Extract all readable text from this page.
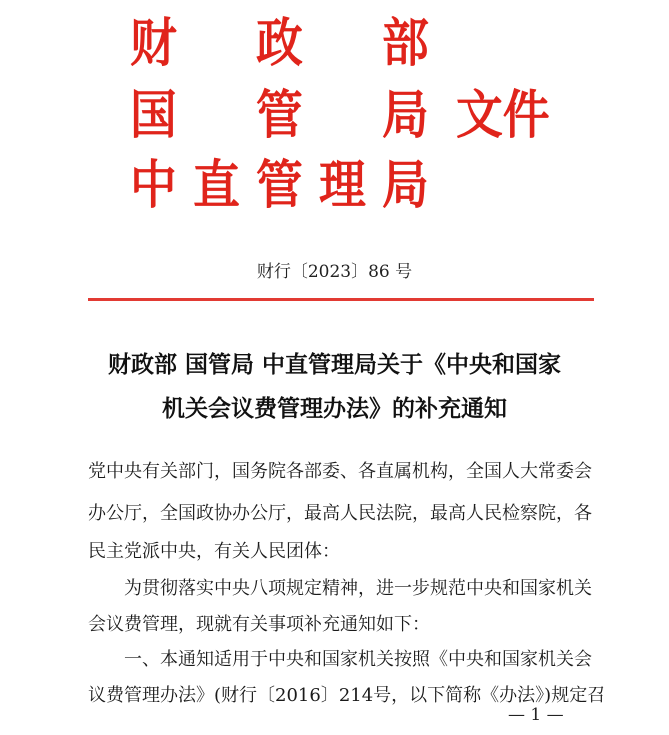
财 政 部
国 管 局 文件
中 直 管 理 局
财行〔2023〕86 号
财政部 国管局 中直管理局关于《中央和国家
机关会议费管理办法》的补充通知
党中央有关部门，国务院各部委、各直属机构，全国人大常委会
办公厅，全国政协办公厅，最高人民法院，最高人民检察院，各
民主党派中央，有关人民团体：
　　为贯彻落实中央八项规定精神，进一步规范中央和国家机关
会议费管理，现就有关事项补充通知如下：
　　一、本通知适用于中央和国家机关按照《中央和国家机关会
议费管理办法》(财行〔2016〕214号，以下简称《办法》)规定召
— 1 —
